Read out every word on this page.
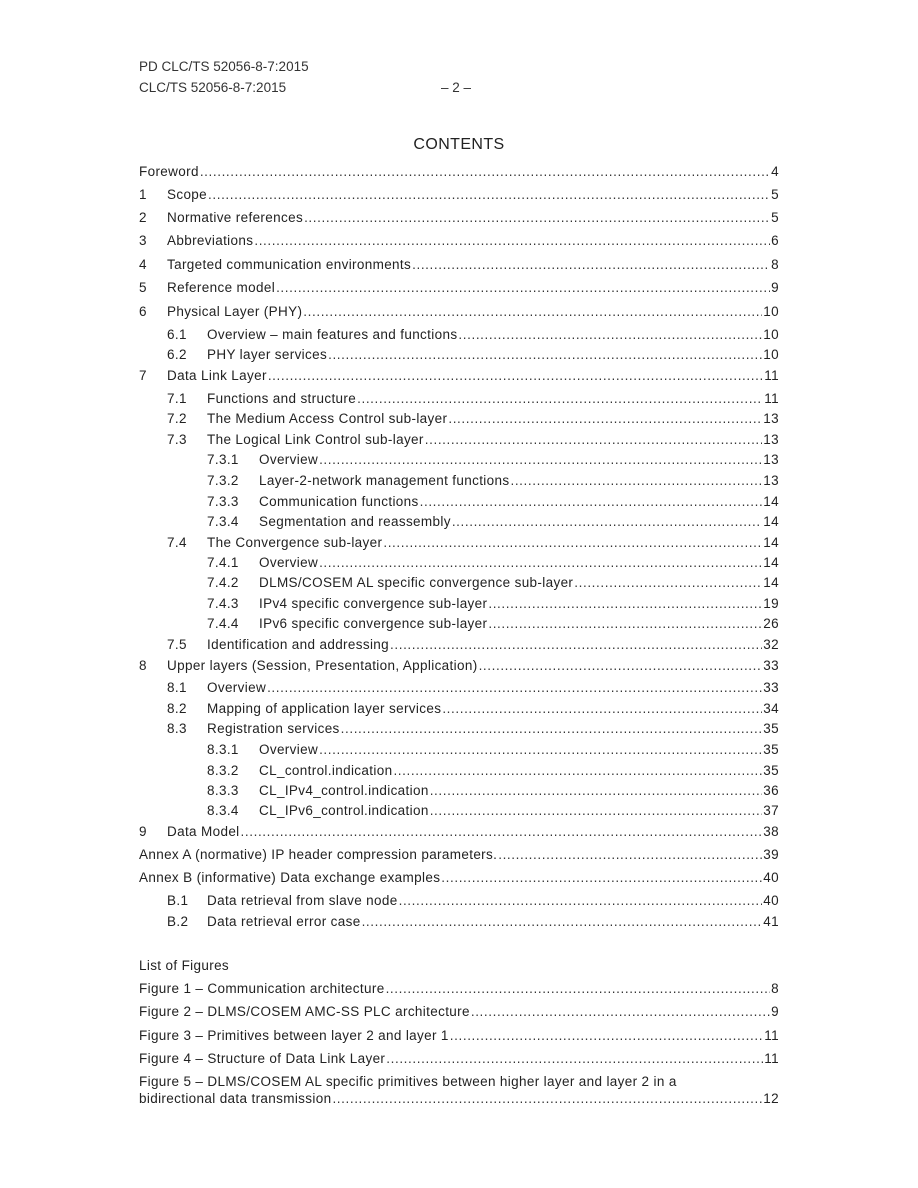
PD CLC/TS 52056-8-7:2015
CLC/TS 52056-8-7:2015	– 2 –
CONTENTS
Foreword .....	4
1	Scope .....	5
2	Normative references .....	5
3	Abbreviations .....	6
4	Targeted communication environments .....	8
5	Reference model .....	9
6	Physical Layer (PHY) .....	10
6.1	Overview – main features and functions .....	10
6.2	PHY layer services .....	10
7	Data Link Layer .....	11
7.1	Functions and structure .....	11
7.2	The Medium Access Control sub-layer .....	13
7.3	The Logical Link Control sub-layer .....	13
7.3.1	Overview .....	13
7.3.2	Layer-2-network management functions .....	13
7.3.3	Communication functions .....	14
7.3.4	Segmentation and reassembly .....	14
7.4	The Convergence sub-layer .....	14
7.4.1	Overview .....	14
7.4.2	DLMS/COSEM AL specific convergence sub-layer .....	14
7.4.3	IPv4 specific convergence sub-layer .....	19
7.4.4	IPv6 specific convergence sub-layer .....	26
7.5	Identification and addressing .....	32
8	Upper layers (Session, Presentation, Application) .....	33
8.1	Overview .....	33
8.2	Mapping of application layer services .....	34
8.3	Registration services .....	35
8.3.1	Overview .....	35
8.3.2	CL_control.indication .....	35
8.3.3	CL_IPv4_control.indication .....	36
8.3.4	CL_IPv6_control.indication .....	37
9	Data Model .....	38
Annex A (normative) IP header compression parameters. .....	39
Annex B (informative) Data exchange examples .....	40
B.1	Data retrieval from slave node .....	40
B.2	Data retrieval error case .....	41
List of Figures
Figure 1 – Communication architecture .....	8
Figure 2 – DLMS/COSEM AMC-SS PLC architecture .....	9
Figure 3 – Primitives between layer 2 and layer 1 .....	11
Figure 4 – Structure of Data Link Layer .....	11
Figure 5 – DLMS/COSEM AL specific primitives between higher layer and layer 2 in a
bidirectional data transmission .....	12
